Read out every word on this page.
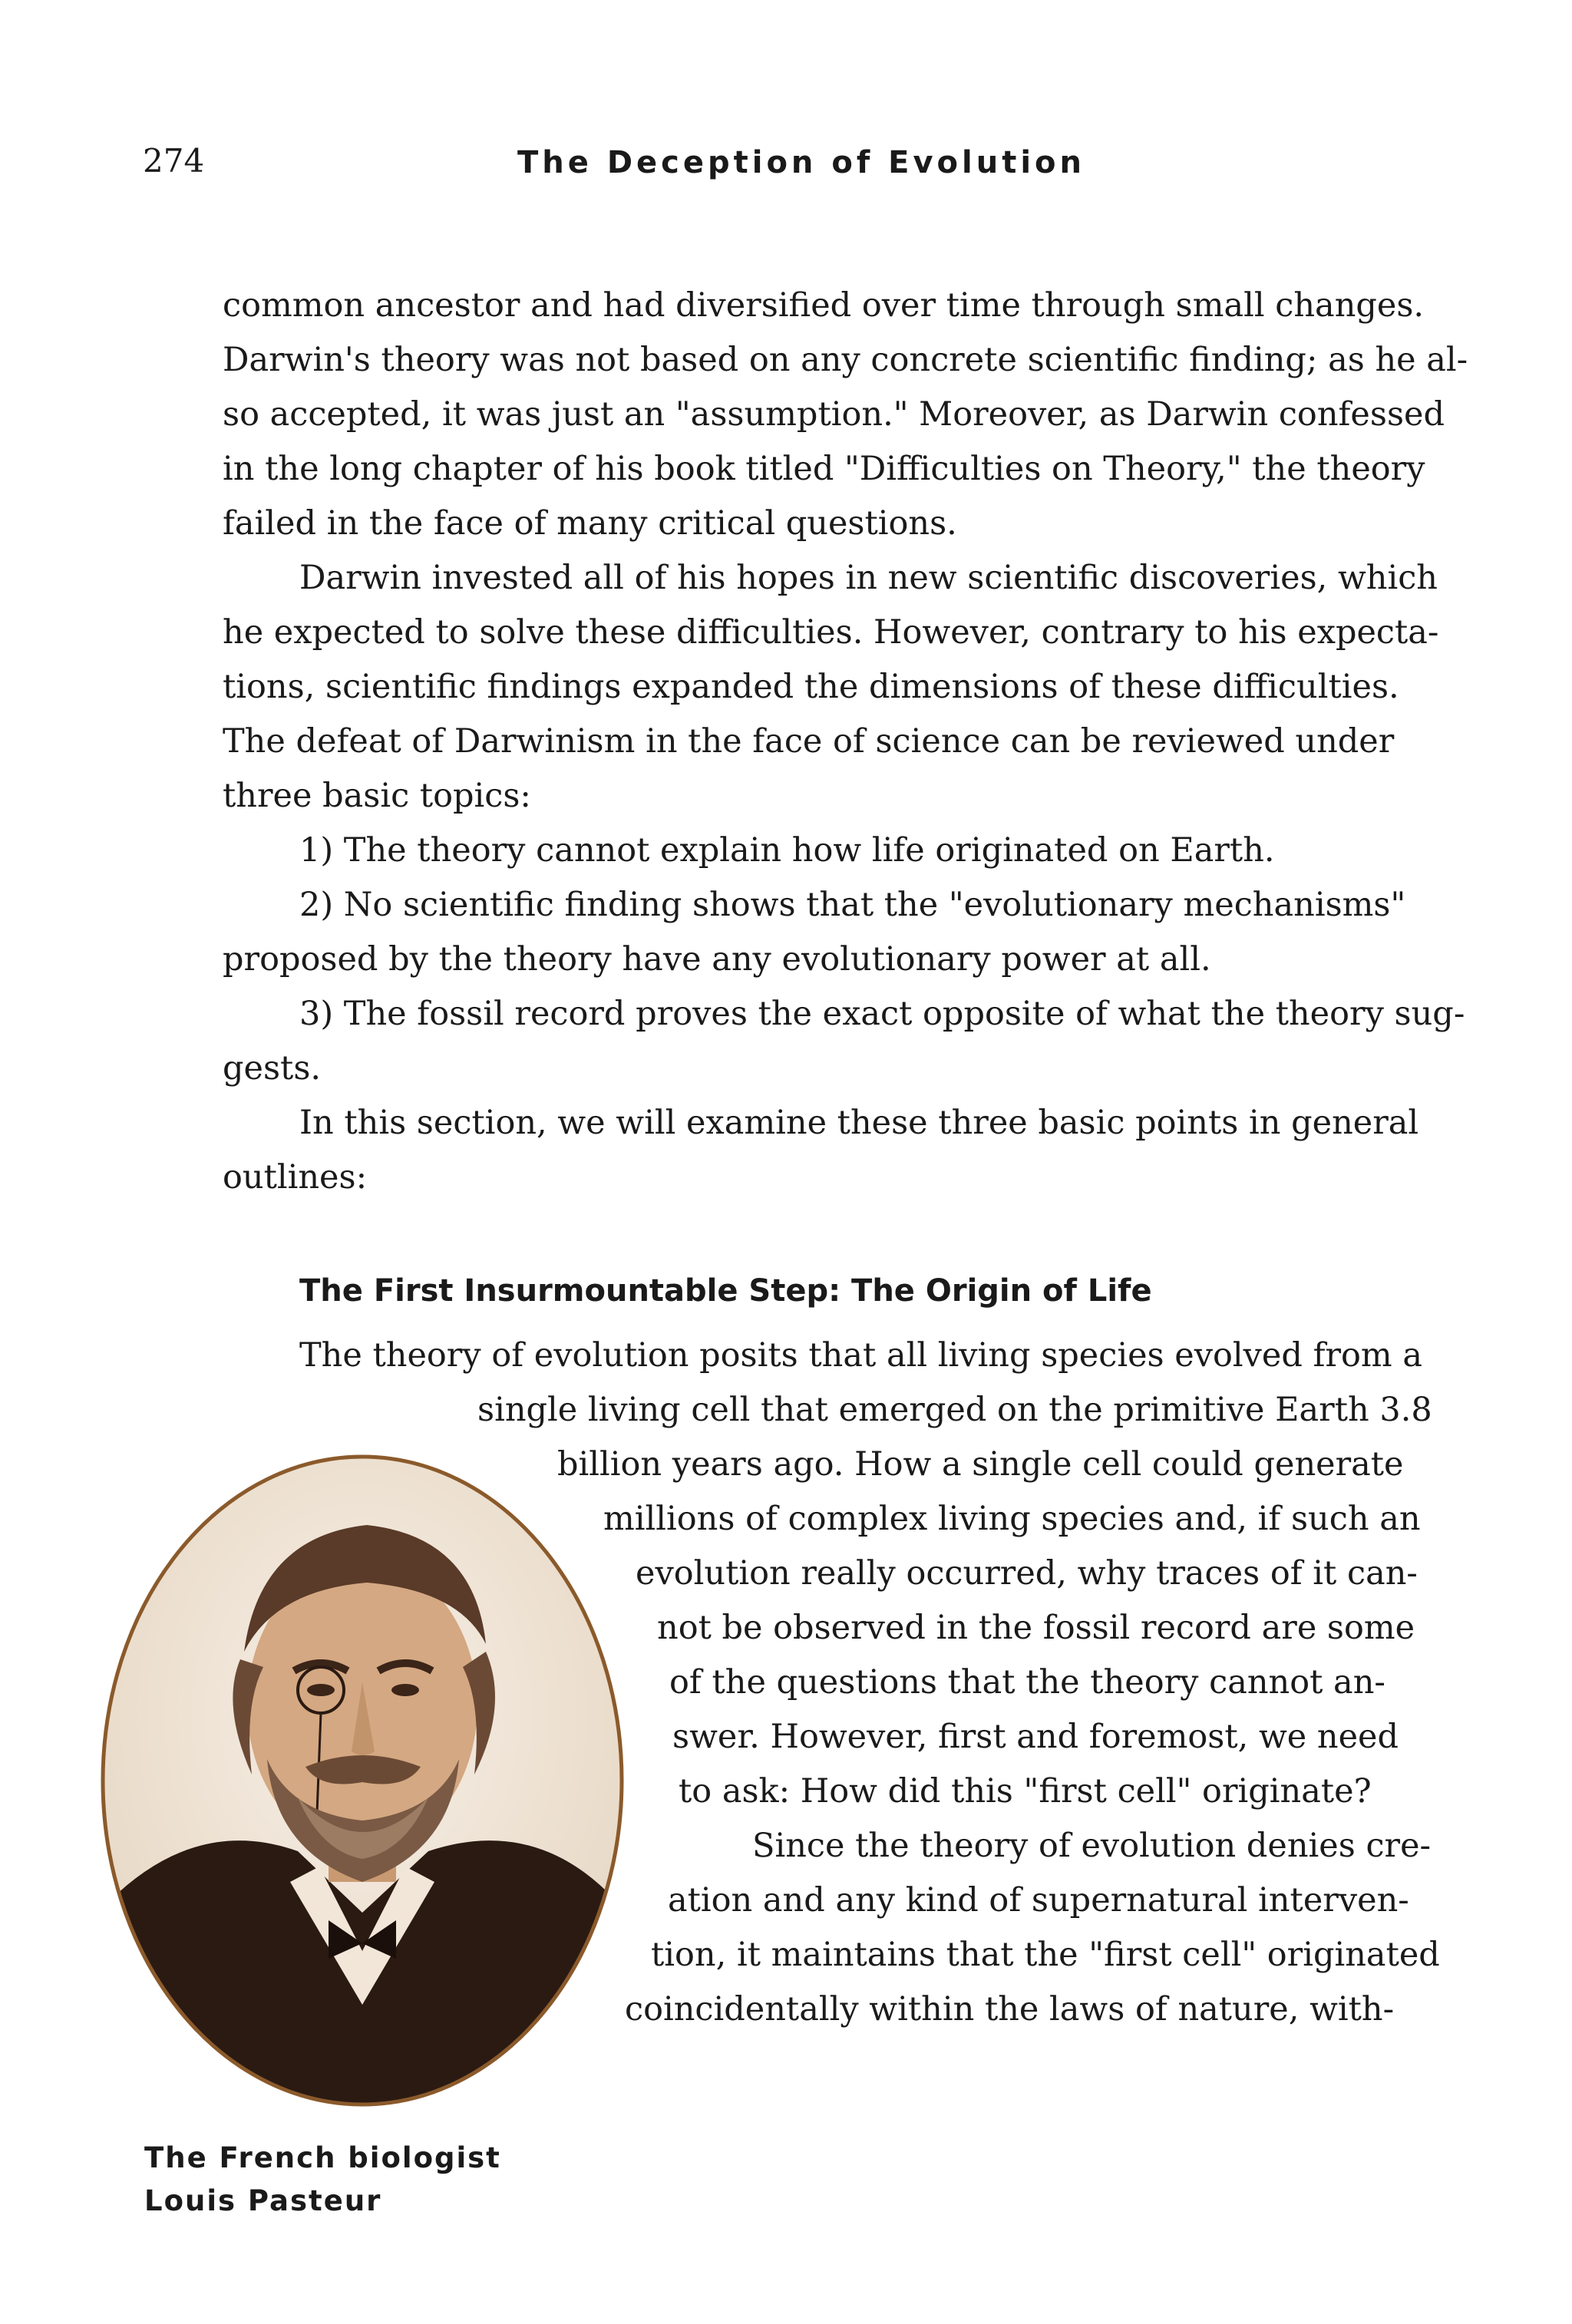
274	The Deception of Evolution
common ancestor and had diversified over time through small changes.
Darwin's theory was not based on any concrete scientific finding; as he al-
so accepted, it was just an "assumption." Moreover, as Darwin confessed
in the long chapter of his book titled "Difficulties on Theory," the theory
failed in the face of many critical questions.
Darwin invested all of his hopes in new scientific discoveries, which
he expected to solve these difficulties. However, contrary to his expecta-
tions, scientific findings expanded the dimensions of these difficulties.
The defeat of Darwinism in the face of science can be reviewed under
three basic topics:
1) The theory cannot explain how life originated on Earth.
2) No scientific finding shows that the "evolutionary mechanisms"
proposed by the theory have any evolutionary power at all.
3) The fossil record proves the exact opposite of what the theory sug-
gests.
In this section, we will examine these three basic points in general
outlines:
The First Insurmountable Step: The Origin of Life
The theory of evolution posits that all living species evolved from a
single living cell that emerged on the primitive Earth 3.8
billion years ago. How a single cell could generate
millions of complex living species and, if such an
evolution really occurred, why traces of it can-
not be observed in the fossil record are some
of the questions that the theory cannot an-
swer. However, first and foremost, we need
to ask: How did this "first cell" originate?
Since the theory of evolution denies cre-
ation and any kind of supernatural interven-
tion, it maintains that the "first cell" originated
coincidentally within the laws of nature, with-
The French biologist
Louis Pasteur
